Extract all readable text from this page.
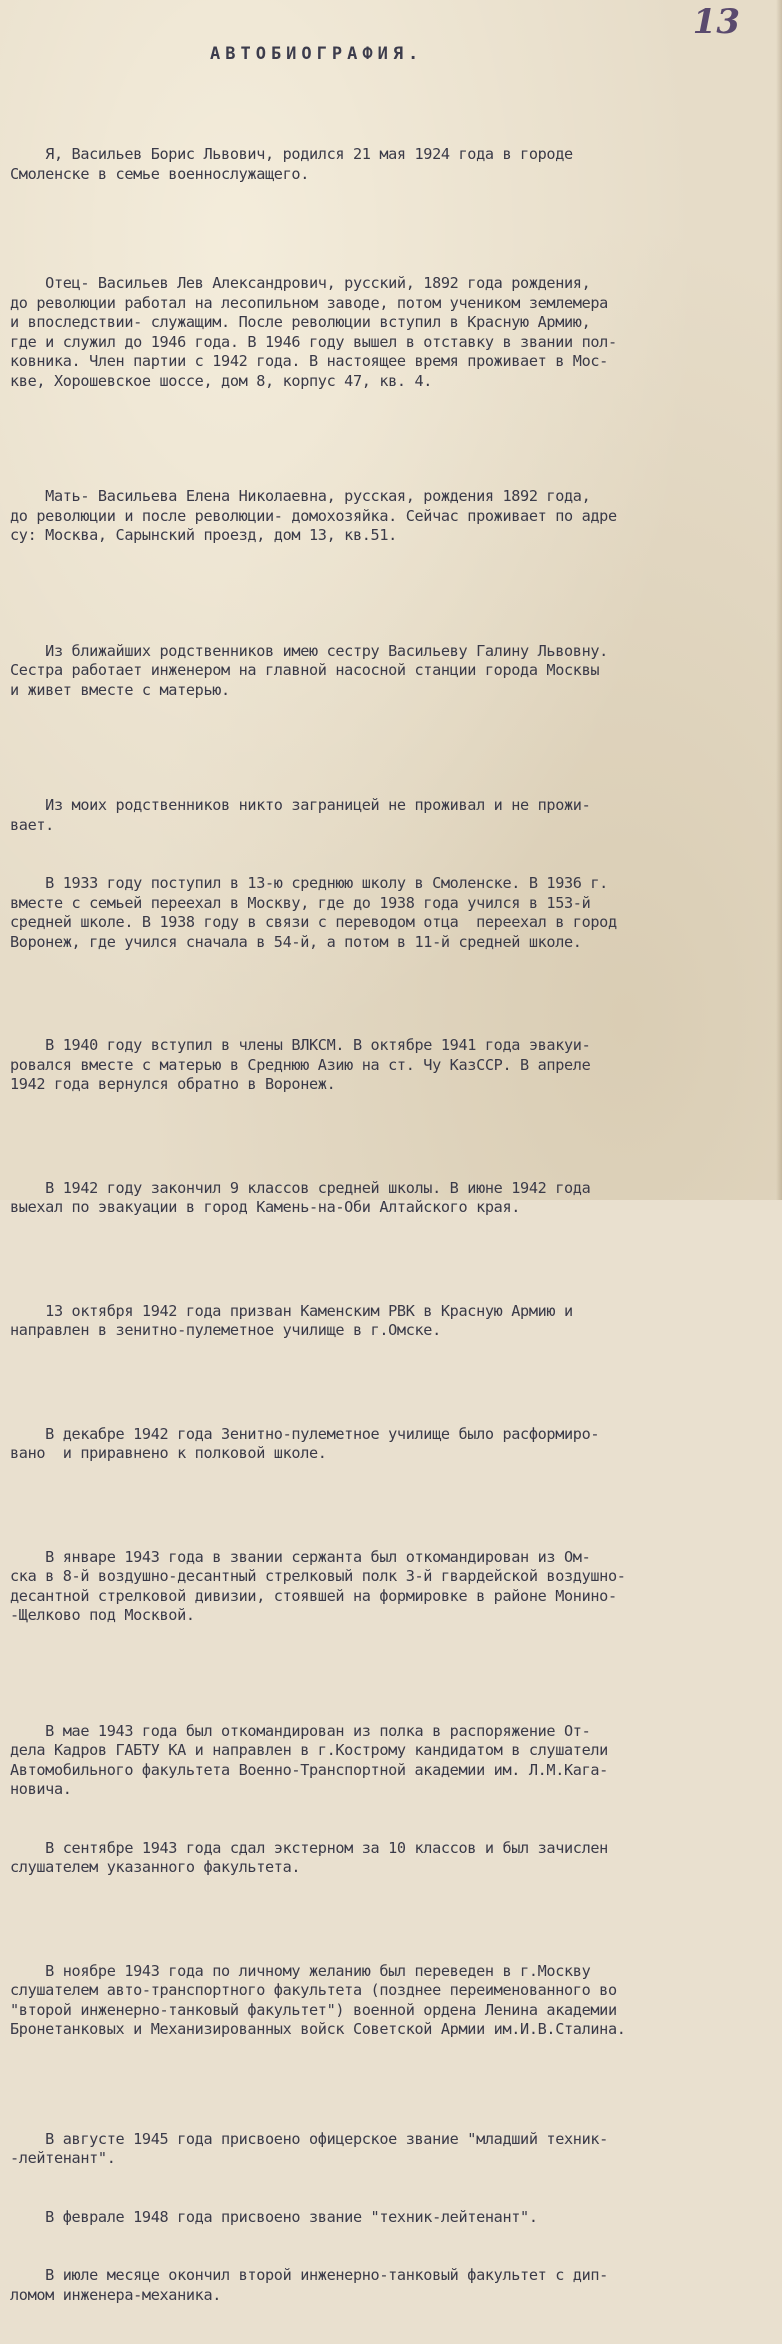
13
АВТОБИОГРАФИЯ.

Я, Васильев Борис Львович, родился 21 мая 1924 года в городе
Смоленске в семье военнослужащего.

Отец- Васильев Лев Александрович, русский, 1892 года рождения,
до революции работал на лесопильном заводе, потом учеником землемера
и впоследствии- служащим. После революции вступил в Красную Армию,
где и служил до 1946 года. В 1946 году вышел в отставку в звании пол-
ковника. Член партии с 1942 года. В настоящее время проживает в Мос-
кве, Хорошевское шоссе, дом 8, корпус 47, кв. 4.

Мать- Васильева Елена Николаевна, русская, рождения 1892 года,
до революции и после революции- домохозяйка. Сейчас проживает по адре
су: Москва, Сарынский проезд, дом 13, кв.51.

Из ближайших родственников имею сестру Васильеву Галину Львовну.
Сестра работает инженером на главной насосной станции города Москвы
и живет вместе с матерью.

Из моих родственников никто заграницей не проживал и не прожи-
вает.

В 1933 году поступил в 13-ю среднюю школу в Смоленске. В 1936 г.
вместе с семьей переехал в Москву, где до 1938 года учился в 153-й
средней школе. В 1938 году в связи с переводом отца  переехал в город
Воронеж, где учился сначала в 54-й, а потом в 11-й средней школе.

В 1940 году вступил в члены ВЛКСМ. В октябре 1941 года эвакуи-
ровался вместе с матерью в Среднюю Азию на ст. Чу КазССР. В апреле
1942 года вернулся обратно в Воронеж.

В 1942 году закончил 9 классов средней школы. В июне 1942 года
выехал по эвакуации в город Камень-на-Оби Алтайского края.

13 октября 1942 года призван Каменским РВК в Красную Армию и
направлен в зенитно-пулеметное училище в г.Омске.

В декабре 1942 года Зенитно-пулеметное училище было расформиро-
вано  и приравнено к полковой школе.

В январе 1943 года в звании сержанта был откомандирован из Ом-
ска в 8-й воздушно-десантный стрелковый полк 3-й гвардейской воздушно-
десантной стрелковой дивизии, стоявшей на формировке в районе Монино-
-Щелково под Москвой.

В мае 1943 года был откомандирован из полка в распоряжение От-
дела Кадров ГАБТУ КА и направлен в г.Кострому кандидатом в слушатели
Автомобильного факультета Военно-Транспортной академии им. Л.М.Кага-
новича.

В сентябре 1943 года сдал экстерном за 10 классов и был зачислен
слушателем указанного факультета.

В ноябре 1943 года по личному желанию был переведен в г.Москву
слушателем авто-транспортного факультета (позднее переименованного во
"второй инженерно-танковый факультет") военной ордена Ленина академии
Бронетанковых и Механизированных войск Советской Армии им.И.В.Сталина.

В августе 1945 года присвоено офицерское звание "младший техник-
-лейтенант".

В феврале 1948 года присвоено звание "техник-лейтенант".

В июле месяце окончил второй инженерно-танковый факультет с дип-
ломом инженера-механика.
